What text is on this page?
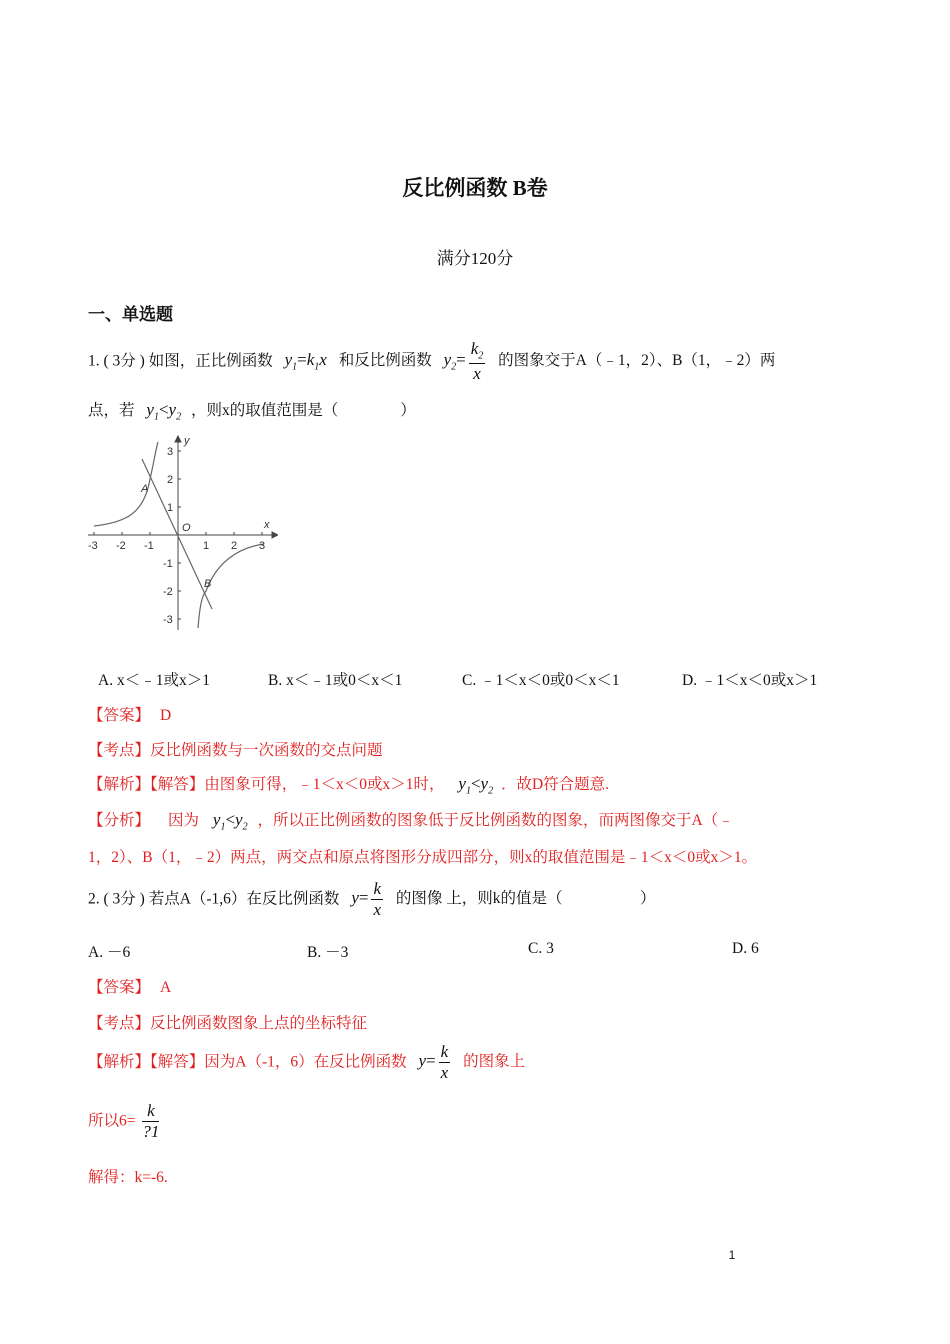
反比例函数 B卷
满分120分
一、单选题
1. ( 3分 ) 如图，正比例函数 $y_1=k_1x$ 和反比例函数 $y_2= \frac{k_2}{x}$ 的图象交于A（﹣1，2）、B（1，﹣2）两
点，若 $y_1<y_2$ ，则x的取值范围是（　　　　）
x
y
O
A
B
-3 -2 -1	1 2 3
3
2
1
-1
-2
-3
A. x＜﹣1或x＞1	B. x＜﹣1或0＜x＜1	C. ﹣1＜x＜0或0＜x＜1	D. ﹣1＜x＜0或x＞1
【答案】 D
【考点】反比例函数与一次函数的交点问题
【解析】【解答】由图象可得，﹣1＜x＜0或x＞1时， $y_1<y_2$ ．故D符合题意.
【分析】 因为 $y_1<y_2$ ，所以正比例函数的图象低于反比例函数的图象，而两图像交于A（﹣
1，2）、B（1，﹣2）两点，两交点和原点将图形分成四部分，则x的取值范围是﹣1＜x＜0或x＞1。
2. ( 3分 ) 若点A（-1,6）在反比例函数 $y= \frac{k}{x}$ 的图像 上，则k的值是（　　　　　）
A. －6	B. －3	C. 3	D. 6
【答案】 A
【考点】反比例函数图象上点的坐标特征
【解析】【解答】因为A（-1，6）在反比例函数 $y= \frac{k}{x}$ 的图象上
所以$6= \frac{k}{?1}$
解得：k=-6.
1
